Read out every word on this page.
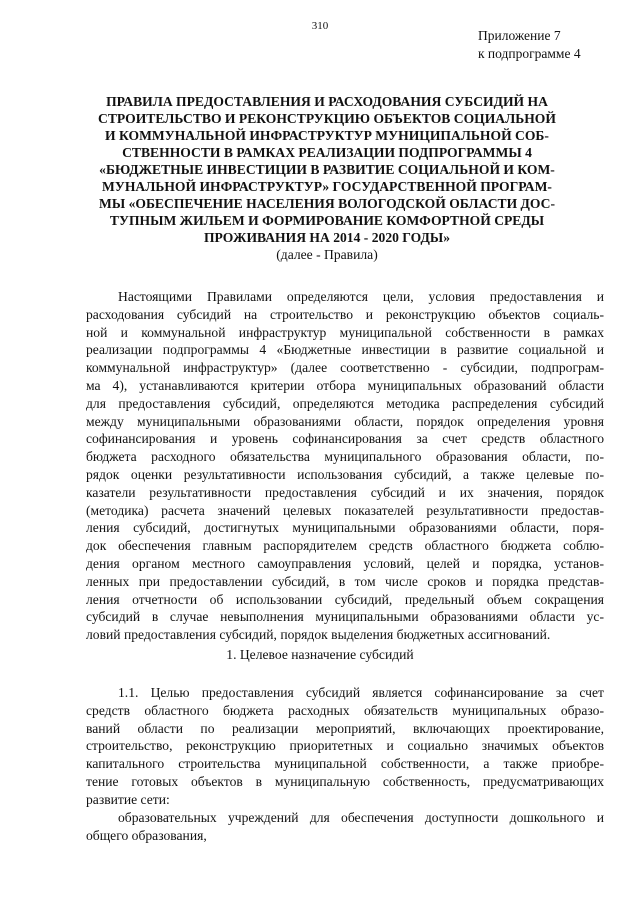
310
Приложение 7
к подпрограмме 4
ПРАВИЛА ПРЕДОСТАВЛЕНИЯ И РАСХОДОВАНИЯ СУБСИДИЙ НА
СТРОИТЕЛЬСТВО И РЕКОНСТРУКЦИЮ ОБЪЕКТОВ СОЦИАЛЬНОЙ
И КОММУНАЛЬНОЙ ИНФРАСТРУКТУР МУНИЦИПАЛЬНОЙ СОБ-
СТВЕННОСТИ В РАМКАХ РЕАЛИЗАЦИИ ПОДПРОГРАММЫ 4
«БЮДЖЕТНЫЕ ИНВЕСТИЦИИ В РАЗВИТИЕ СОЦИАЛЬНОЙ И КОМ-
МУНАЛЬНОЙ ИНФРАСТРУКТУР» ГОСУДАРСТВЕННОЙ ПРОГРАМ-
МЫ «ОБЕСПЕЧЕНИЕ НАСЕЛЕНИЯ ВОЛОГОДСКОЙ ОБЛАСТИ ДОС-
ТУПНЫМ ЖИЛЬЕМ И ФОРМИРОВАНИЕ КОМФОРТНОЙ СРЕДЫ
ПРОЖИВАНИЯ НА 2014 - 2020 ГОДЫ»
(далее - Правила)
Настоящими Правилами определяются цели, условия предоставления и
расходования субсидий на строительство и реконструкцию объектов социаль-
ной и коммунальной инфраструктур муниципальной собственности в рамках
реализации подпрограммы 4 «Бюджетные инвестиции в развитие социальной и
коммунальной инфраструктур» (далее соответственно - субсидии, подпрограм-
ма 4), устанавливаются критерии отбора муниципальных образований области
для предоставления субсидий, определяются методика распределения субсидий
между муниципальными образованиями области, порядок определения уровня
софинансирования и уровень софинансирования за счет средств областного
бюджета расходного обязательства муниципального образования области, по-
рядок оценки результативности использования субсидий, а также целевые по-
казатели результативности предоставления субсидий и их значения, порядок
(методика) расчета значений целевых показателей результативности предостав-
ления субсидий, достигнутых муниципальными образованиями области, поря-
док обеспечения главным распорядителем средств областного бюджета соблю-
дения органом местного самоуправления условий, целей и порядка, установ-
ленных при предоставлении субсидий, в том числе сроков и порядка представ-
ления отчетности об использовании субсидий, предельный объем сокращения
субсидий в случае невыполнения муниципальными образованиями области ус-
ловий предоставления субсидий, порядок выделения бюджетных ассигнований.
1. Целевое назначение субсидий
1.1. Целью предоставления субсидий является софинансирование за счет
средств областного бюджета расходных обязательств муниципальных образо-
ваний области по реализации мероприятий, включающих проектирование,
строительство, реконструкцию приоритетных и социально значимых объектов
капитального строительства муниципальной собственности, а также приобре-
тение готовых объектов в муниципальную собственность, предусматривающих
развитие сети:
образовательных учреждений для обеспечения доступности дошкольного и
общего образования,
